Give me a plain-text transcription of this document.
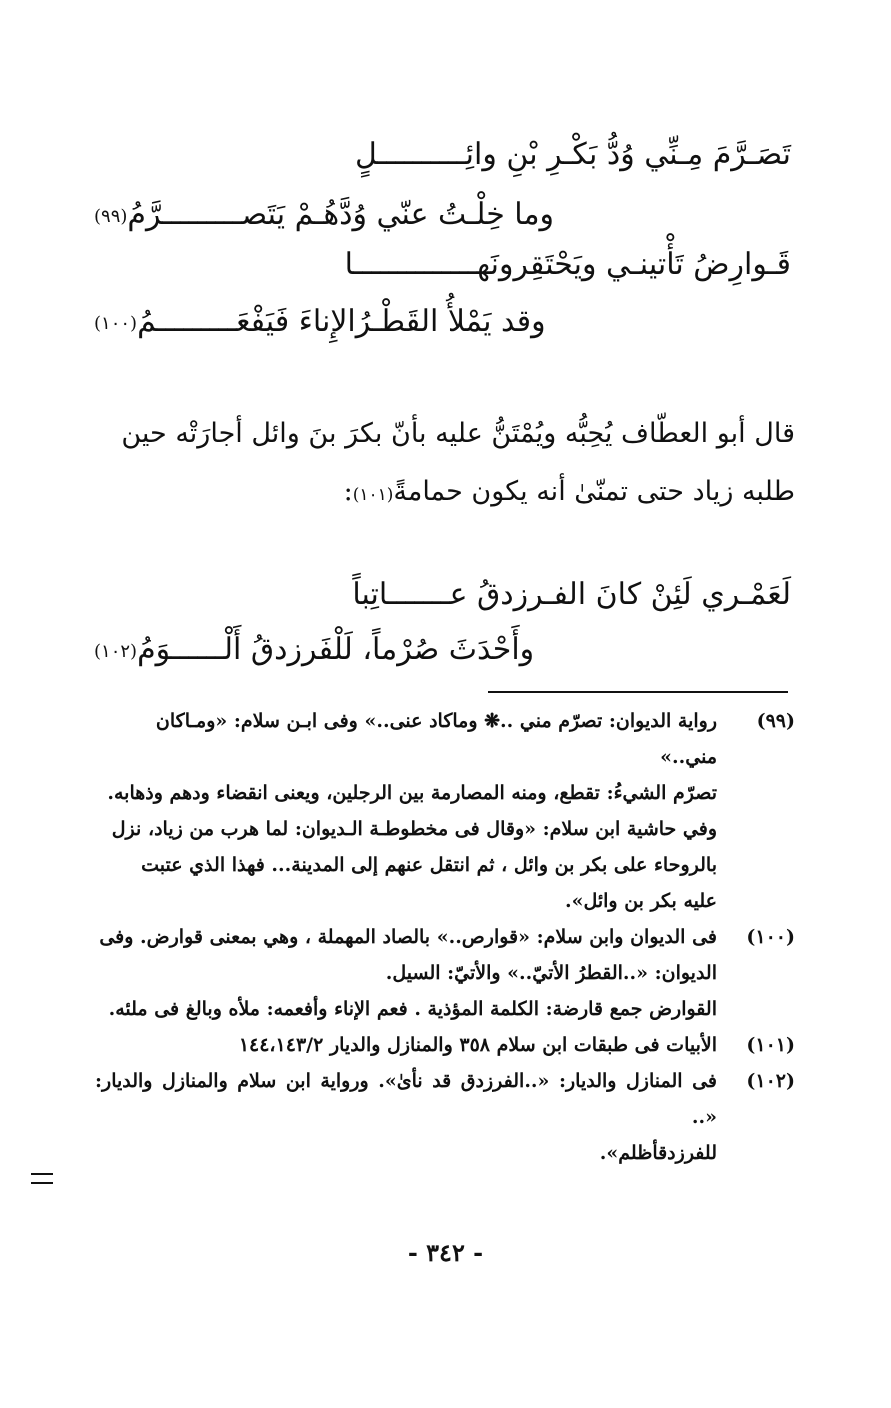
تَصَـرَّمَ مِـنِّي وُدُّ بَكْـرِ بْنِ وائِــــــــــلٍ
وما خِلْـتُ عنّي وُدَّهُـمْ يَتَصـــــــــرَّمُ(٩٩)
قَـوارِضُ تَأْتينـي ويَحْتَقِرونَهــــــــــــــا
وقد يَمْلأُ القَطْـرُالإِناءَ فَيَفْعَـــــــــمُ(١٠٠)

قال أبو العطّاف يُحِبُّه ويُمْتَنُّ عليه بأنّ بكرَ بنَ وائل أجارَتْه حين

طلبه زياد حتى تمنّىٰ أنه يكون حمامةً(١٠١):

لَعَمْـري لَئِنْ كانَ الفـرزدقُ عـــــــاتِباً
وأَحْدَثَ صُرْماً، لَلْفَرزدقُ أَلْــــــوَمُ(١٠٢)
(٩٩)
رواية الديوان: تصرّم مني ..❋ وماكاد عنى..» وفى ابـن سلام: «ومـاكان
مني..»
تصرّم الشيءُ: تقطع، ومنه المصارمة بين الرجلين، ويعنى انقضاء ودهم وذهابه.
وفي حاشية ابن سلام: «وقال فى مخطوطـة الـديوان: لما هرب من زياد، نزل
بالروحاء على بكر بن وائل ، ثم انتقل عنهم إلى المدينة... فهذا الذي عتبت
عليه بكر بن وائل».
(١٠٠)
فى الديوان وابن سلام: «قوارص..» بالصاد المهملة ، وهي بمعنى قوارض. وفى
الديوان: «..القطرُ الأتيّ..» والأتيّ: السيل.
القوارض جمع قارضة: الكلمة المؤذية . فعم الإناء وأفعمه: ملأه وبالغ فى ملئه.
(١٠١)
الأبيات فى طبقات ابن سلام ٣٥٨ والمنازل والديار ١٤٤،١٤٣/٢
(١٠٢)
فى المنازل والديار: «..الفرزدق قد نأىٰ». ورواية ابن سلام والمنازل والديار: «..
للفرزدقأظلم».
- ٣٤٢ -
